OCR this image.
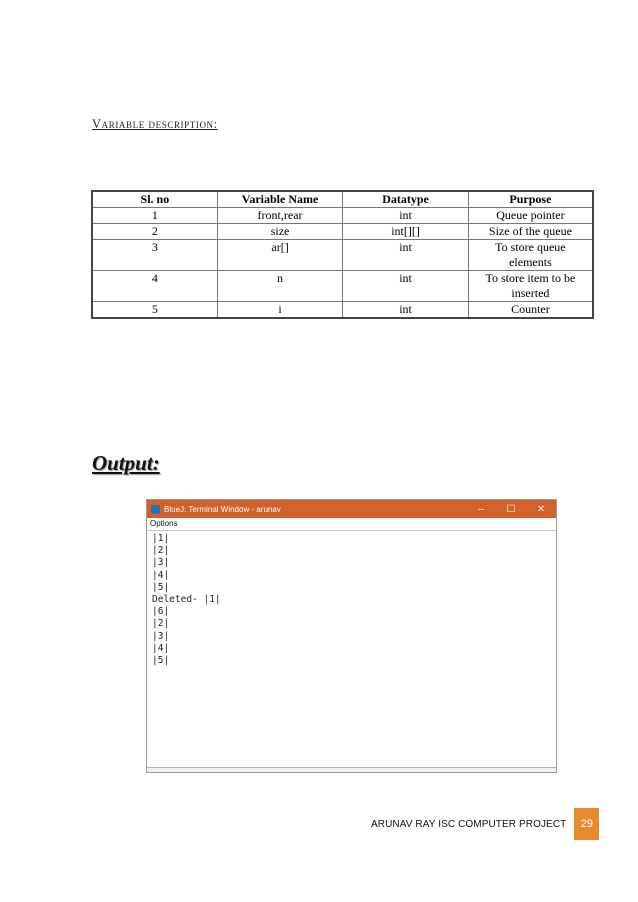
Variable description:
Sl. no	Variable Name	Datatype	Purpose
1	front,rear	int	Queue pointer
2	size	int[][]	Size of the queue
3	ar[]	int	To store queue elements
4	n	int	To store item to be inserted
5	i	int	Counter
Output:
BlueJ: Terminal Window - arunav	–	☐	✕
Options
|1|
|2|
|3|
|4|
|5|
Deleted- |1|
|6|
|2|
|3|
|4|
|5|
ARUNAV RAY ISC COMPUTER PROJECT	29
